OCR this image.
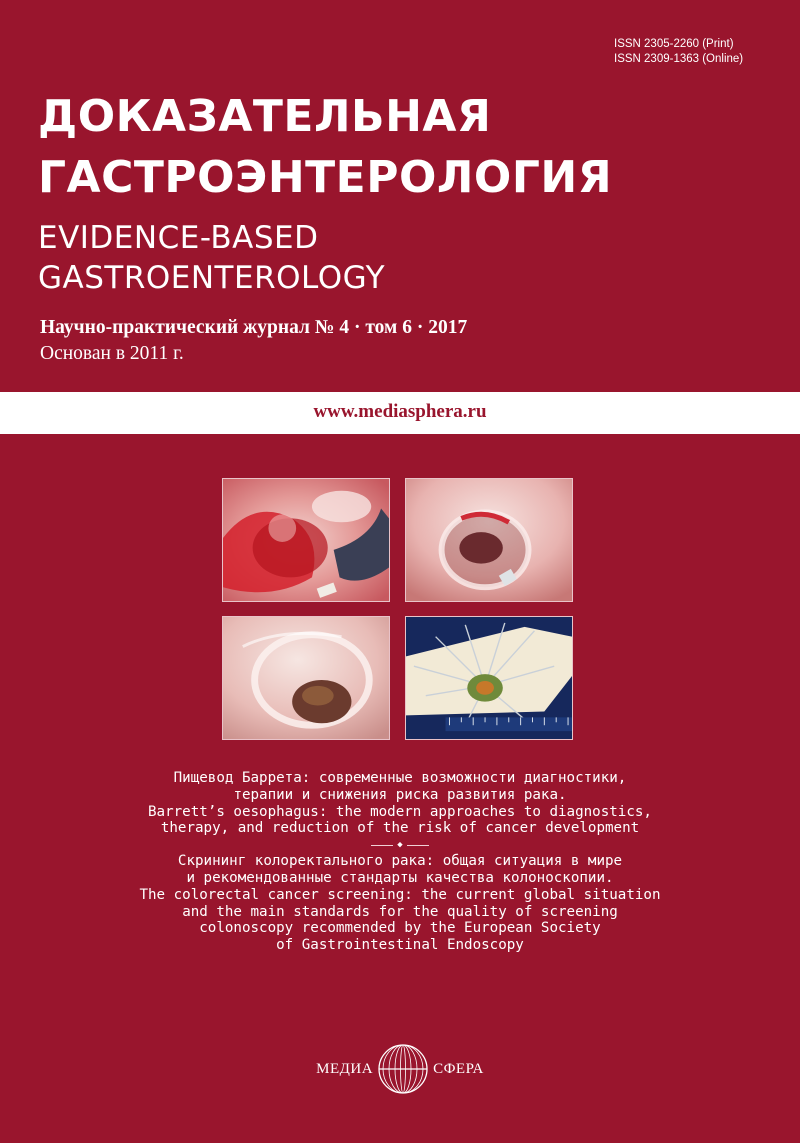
ISSN 2305-2260 (Print)
ISSN 2309-1363 (Online)
ДОКАЗАТЕЛЬНАЯ
ГАСТРОЭНТЕРОЛОГИЯ
EVIDENCE-BASED
GASTROENTEROLOGY
Научно-практический журнал № 4 · том 6 · 2017
Основан в 2011 г.
www.mediasphera.ru

Пищевод Баррета: современные возможности диагностики,

терапии и снижения риска развития рака.

Barrett’s oesophagus: the modern approaches to diagnostics,

therapy, and reduction of the risk of cancer development

◆

Скрининг колоректального рака: общая ситуация в мире

и рекомендованные стандарты качества колоноскопии.

The colorectal cancer screening: the current global situation

and the main standards for the quality of screening

colonoscopy recommended by the European Society

of Gastrointestinal Endoscopy

МЕДИА	СФЕРА
